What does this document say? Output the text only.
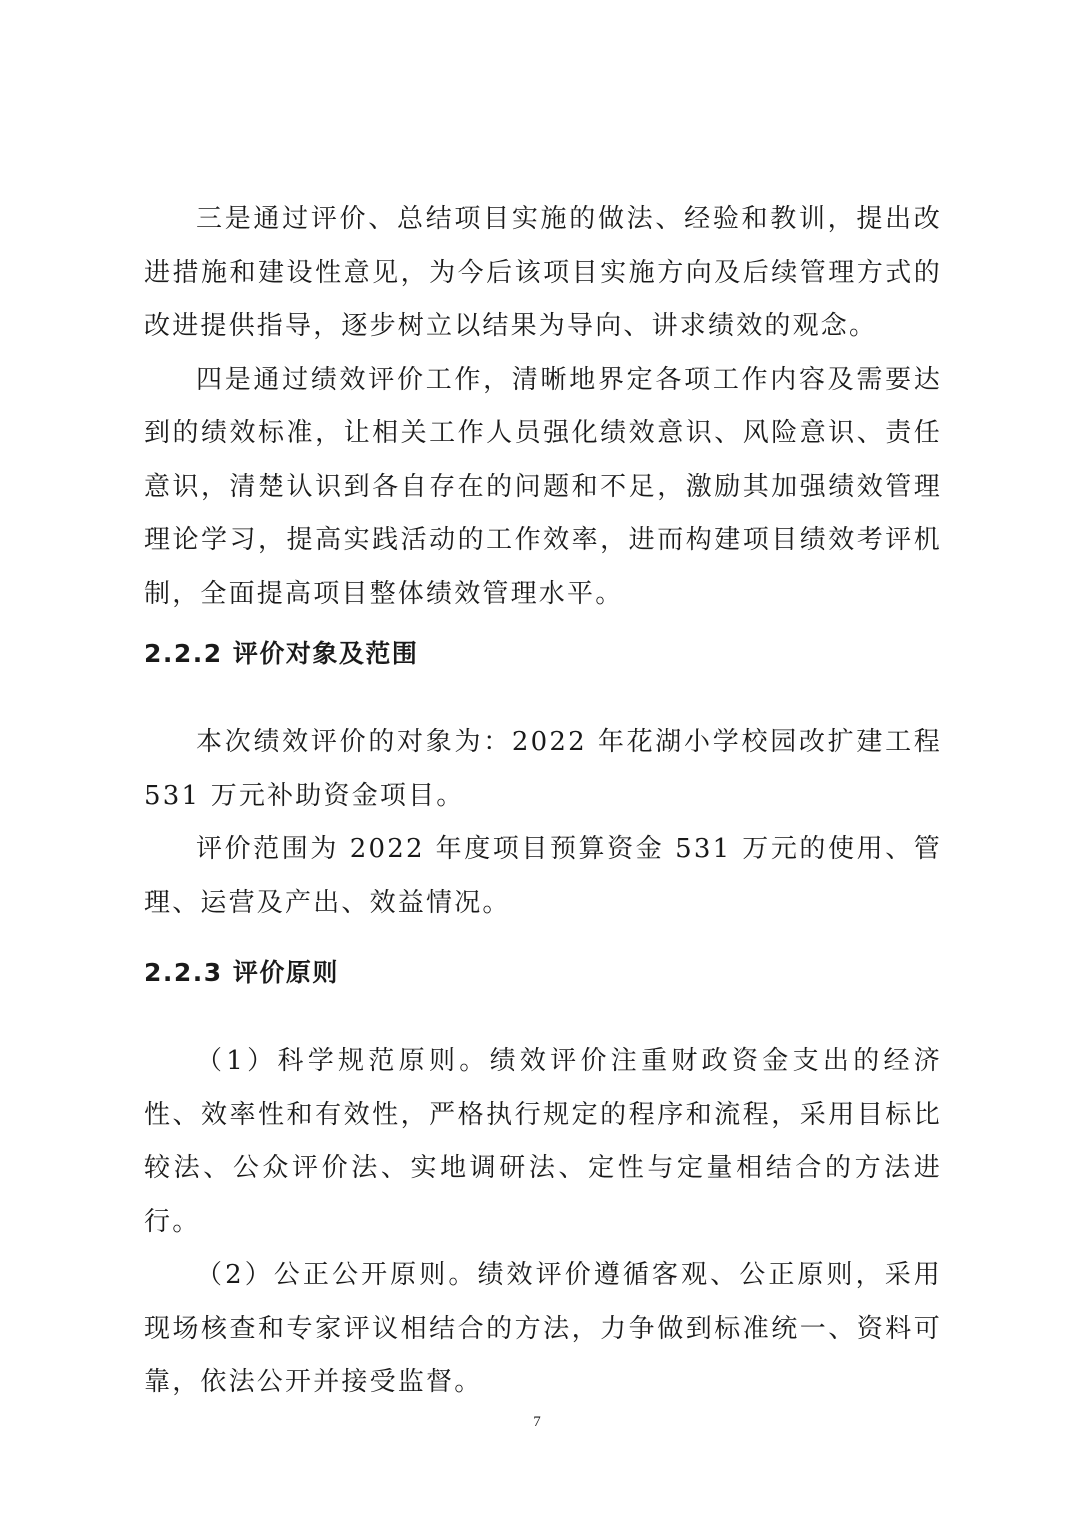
三是通过评价、总结项目实施的做法、经验和教训，提出改进措施和建设性意见，为今后该项目实施方向及后续管理方式的改进提供指导，逐步树立以结果为导向、讲求绩效的观念。

四是通过绩效评价工作，清晰地界定各项工作内容及需要达到的绩效标准，让相关工作人员强化绩效意识、风险意识、责任意识，清楚认识到各自存在的问题和不足，激励其加强绩效管理理论学习，提高实践活动的工作效率，进而构建项目绩效考评机制，全面提高项目整体绩效管理水平。

2.2.2 评价对象及范围

本次绩效评价的对象为：2022 年花湖小学校园改扩建工程 531 万元补助资金项目。

评价范围为 2022 年度项目预算资金 531 万元的使用、管理、运营及产出、效益情况。

2.2.3 评价原则

（1）科学规范原则。绩效评价注重财政资金支出的经济性、效率性和有效性，严格执行规定的程序和流程，采用目标比较法、公众评价法、实地调研法、定性与定量相结合的方法进行。

（2）公正公开原则。绩效评价遵循客观、公正原则，采用现场核查和专家评议相结合的方法，力争做到标准统一、资料可靠，依法公开并接受监督。

7
